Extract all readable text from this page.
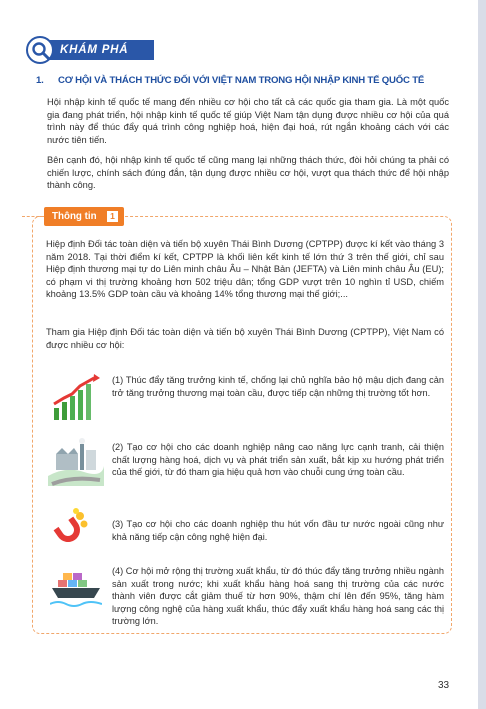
KHÁM PHÁ
1. CƠ HỘI VÀ THÁCH THỨC ĐỐI VỚI VIỆT NAM TRONG HỘI NHẬP KINH TẾ QUỐC TẾ

Hội nhập kinh tế quốc tế mang đến nhiều cơ hội cho tất cả các quốc gia tham gia. Là một quốc gia đang phát triển, hội nhập kinh tế quốc tế giúp Việt Nam tận dụng được nhiều cơ hội của quá trình này để thúc đẩy quá trình công nghiệp hoá, hiện đại hoá, rút ngắn khoảng cách với các nước tiên tiến.

Bên cạnh đó, hội nhập kinh tế quốc tế cũng mang lại những thách thức, đòi hỏi chúng ta phải có chiến lược, chính sách đúng đắn, tận dụng được nhiều cơ hội, vượt qua thách thức để hội nhập thành công.

Thông tin	1

Hiệp định Đối tác toàn diện và tiến bộ xuyên Thái Bình Dương (CPTPP) được kí kết vào tháng 3 năm 2018. Tại thời điểm kí kết, CPTPP là khối liên kết kinh tế lớn thứ 3 trên thế giới, chỉ sau Hiệp định thương mại tự do Liên minh châu Âu – Nhật Bản (JEFTA) và Liên minh châu Âu (EU); có phạm vi thị trường khoảng hơn 502 triệu dân; tổng GDP vượt trên 10 nghìn tỉ USD, chiếm khoảng 13.5% GDP toàn cầu và khoảng 14% tổng thương mại thế giới;...

Tham gia Hiệp định Đối tác toàn diện và tiến bộ xuyên Thái Bình Dương (CPTPP), Việt Nam có được nhiều cơ hội:

(1) Thúc đẩy tăng trưởng kinh tế, chống lại chủ nghĩa bảo hộ mậu dịch đang cản trở tăng trưởng thương mại toàn cầu, được tiếp cận những thị trường tốt hơn.

(2) Tạo cơ hội cho các doanh nghiệp nâng cao năng lực cạnh tranh, cải thiện chất lượng hàng hoá, dịch vụ và phát triển sản xuất, bắt kịp xu hướng phát triển của thế giới, từ đó tham gia hiệu quả hơn vào chuỗi cung ứng toàn cầu.

(3) Tạo cơ hội cho các doanh nghiệp thu hút vốn đầu tư nước ngoài cũng như khả năng tiếp cận công nghệ hiện đại.

(4) Cơ hội mở rộng thị trường xuất khẩu, từ đó thúc đẩy tăng trưởng nhiều ngành sản xuất trong nước; khi xuất khẩu hàng hoá sang thị trường của các nước thành viên được cắt giảm thuế từ hơn 90%, thậm chí lên đến 95%, tăng hàm lượng công nghệ của hàng xuất khẩu, thúc đẩy xuất khẩu hàng hoá sang các thị trường lớn.

33
